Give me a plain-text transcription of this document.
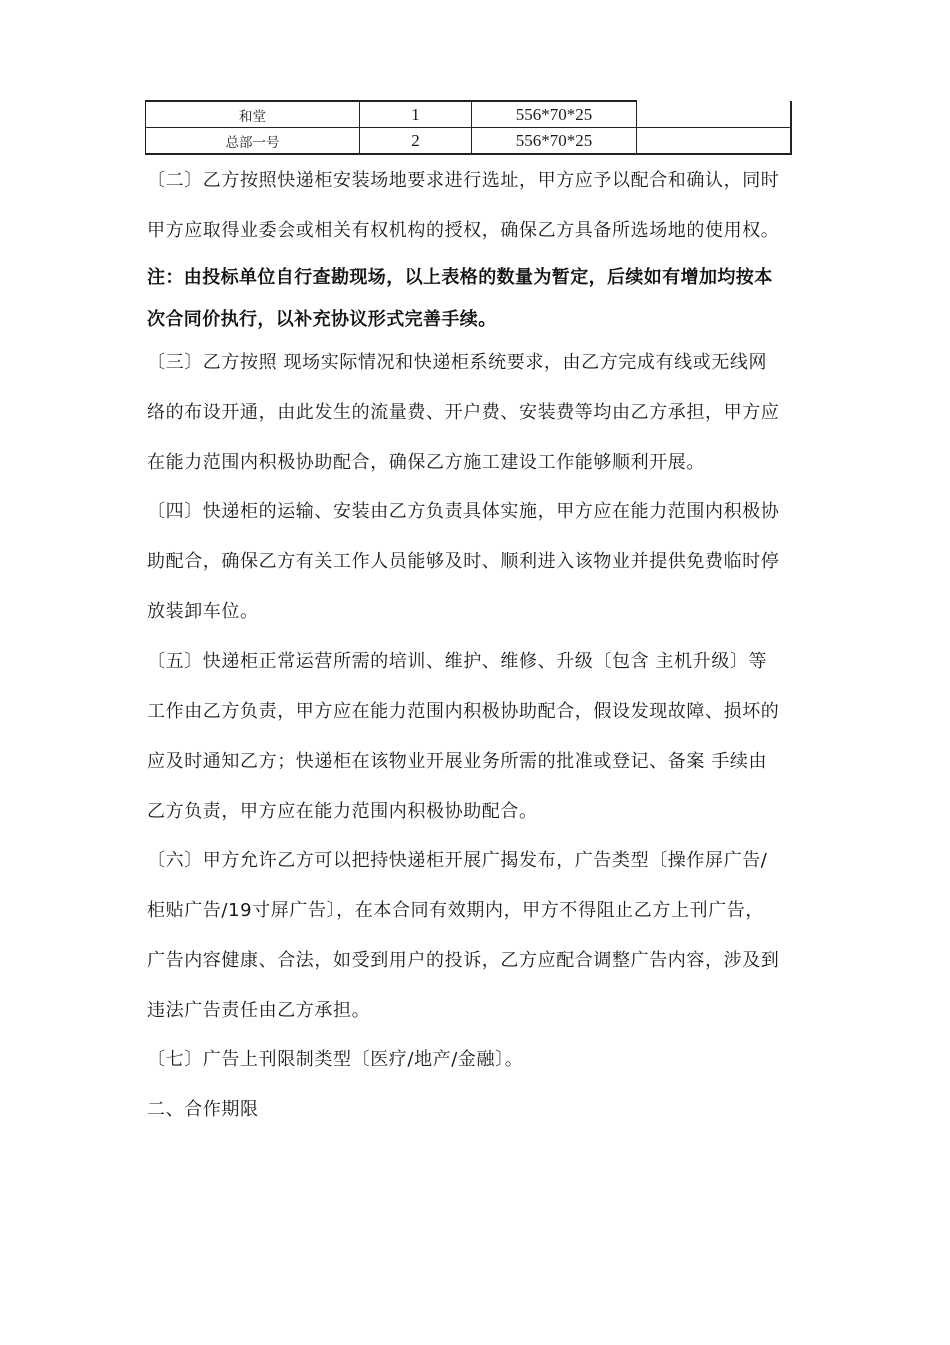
和堂	1	556*70*25	
总部一号	2	556*70*25	
〔二〕乙方按照快递柜安装场地要求进行选址，甲方应予以配合和确认，同时
甲方应取得业委会或相关有权机构的授权，确保乙方具备所选场地的使用权。
注：由投标单位自行查勘现场，以上表格的数量为暂定，后续如有增加均按本
次合同价执行，以补充协议形式完善手续。
〔三〕乙方按照 现场实际情况和快递柜系统要求，由乙方完成有线或无线网
络的布设开通，由此发生的流量费、开户费、安装费等均由乙方承担，甲方应
在能力范围内积极协助配合，确保乙方施工建设工作能够顺利开展。
〔四〕快递柜的运输、安装由乙方负责具体实施，甲方应在能力范围内积极协
助配合，确保乙方有关工作人员能够及时、顺利进入该物业并提供免费临时停
放装卸车位。
〔五〕快递柜正常运营所需的培训、维护、维修、升级〔包含 主机升级〕等
工作由乙方负责，甲方应在能力范围内积极协助配合，假设发现故障、损坏的
应及时通知乙方；快递柜在该物业开展业务所需的批准或登记、备案 手续由
乙方负责，甲方应在能力范围内积极协助配合。
〔六〕甲方允许乙方可以把持快递柜开展广揭发布，广告类型〔操作屏广告/
柜贴广告/19寸屏广告〕，在本合同有效期内，甲方不得阻止乙方上刊广告，
广告内容健康、合法，如受到用户的投诉，乙方应配合调整广告内容，涉及到
违法广告责任由乙方承担。
〔七〕广告上刊限制类型〔医疗/地产/金融〕。
二、合作期限
